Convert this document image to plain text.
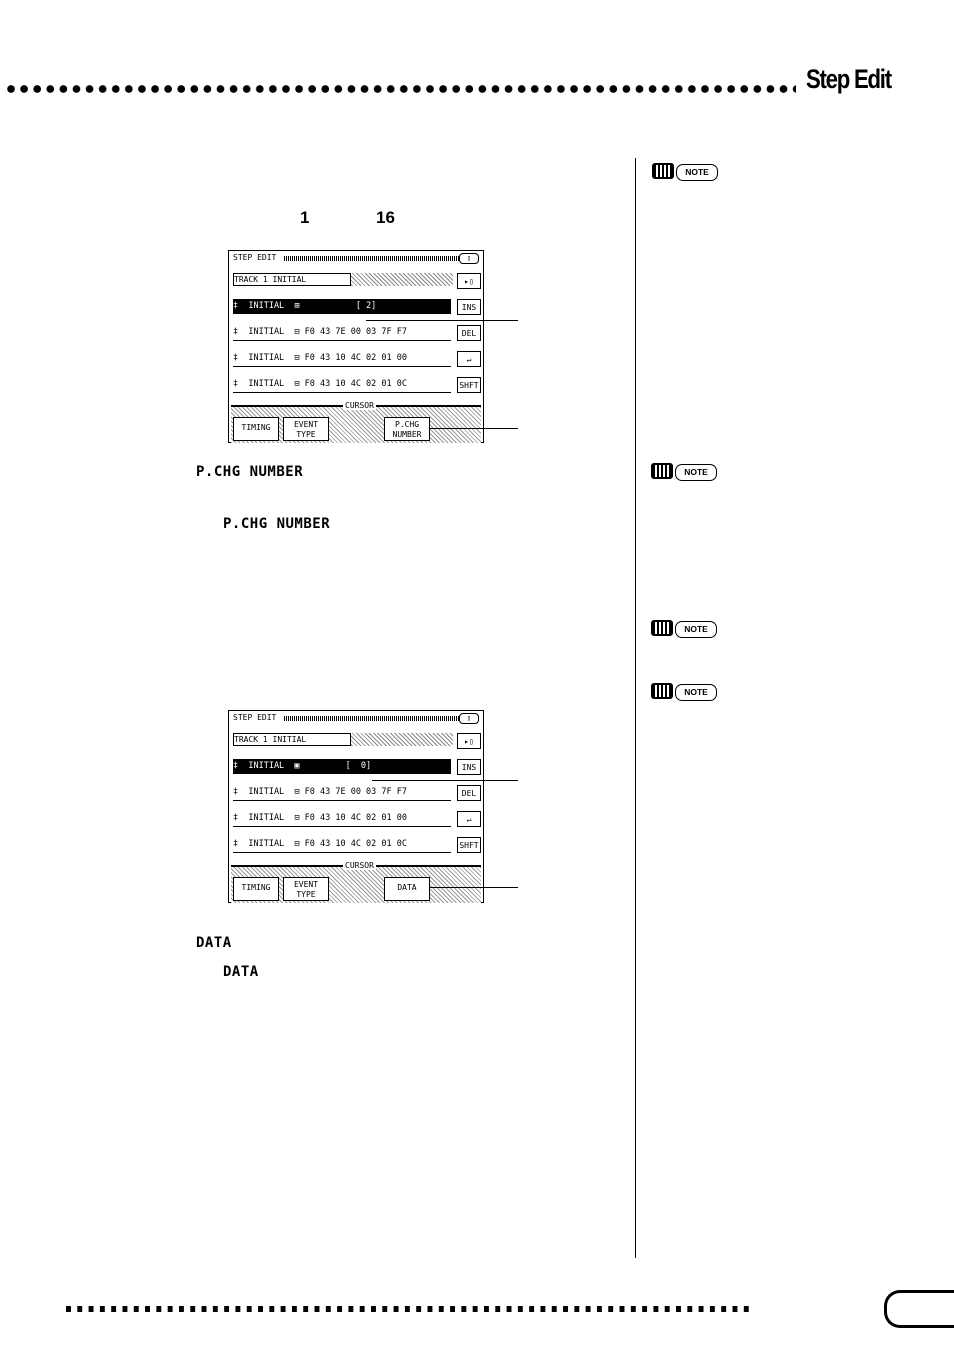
Step Edit
1	16
STEP EDIT	▯
TRACK 1 INITIAL
‡  INITIAL  ⊞           [ 2]
‡  INITIAL  ⊟ F0 43 7E 00 03 7F F7
‡  INITIAL  ⊟ F0 43 10 4C 02 01 00
‡  INITIAL  ⊟ F0 43 10 4C 02 01 0C
▸▯
INS
DEL
↵
SHFT
CURSOR
TIMING	EVENT TYPE
P.CHG NUMBER
P.CHG NUMBER
P.CHG NUMBER
STEP EDIT	▯
TRACK 1 INITIAL
‡  INITIAL  ▣         [  0]
‡  INITIAL  ⊟ F0 43 7E 00 03 7F F7
‡  INITIAL  ⊟ F0 43 10 4C 02 01 00
‡  INITIAL  ⊟ F0 43 10 4C 02 01 0C
▸▯
INS
DEL
↵
SHFT
CURSOR
TIMING	EVENT TYPE
DATA
DATA
DATA
NOTE
NOTE
NOTE
NOTE
